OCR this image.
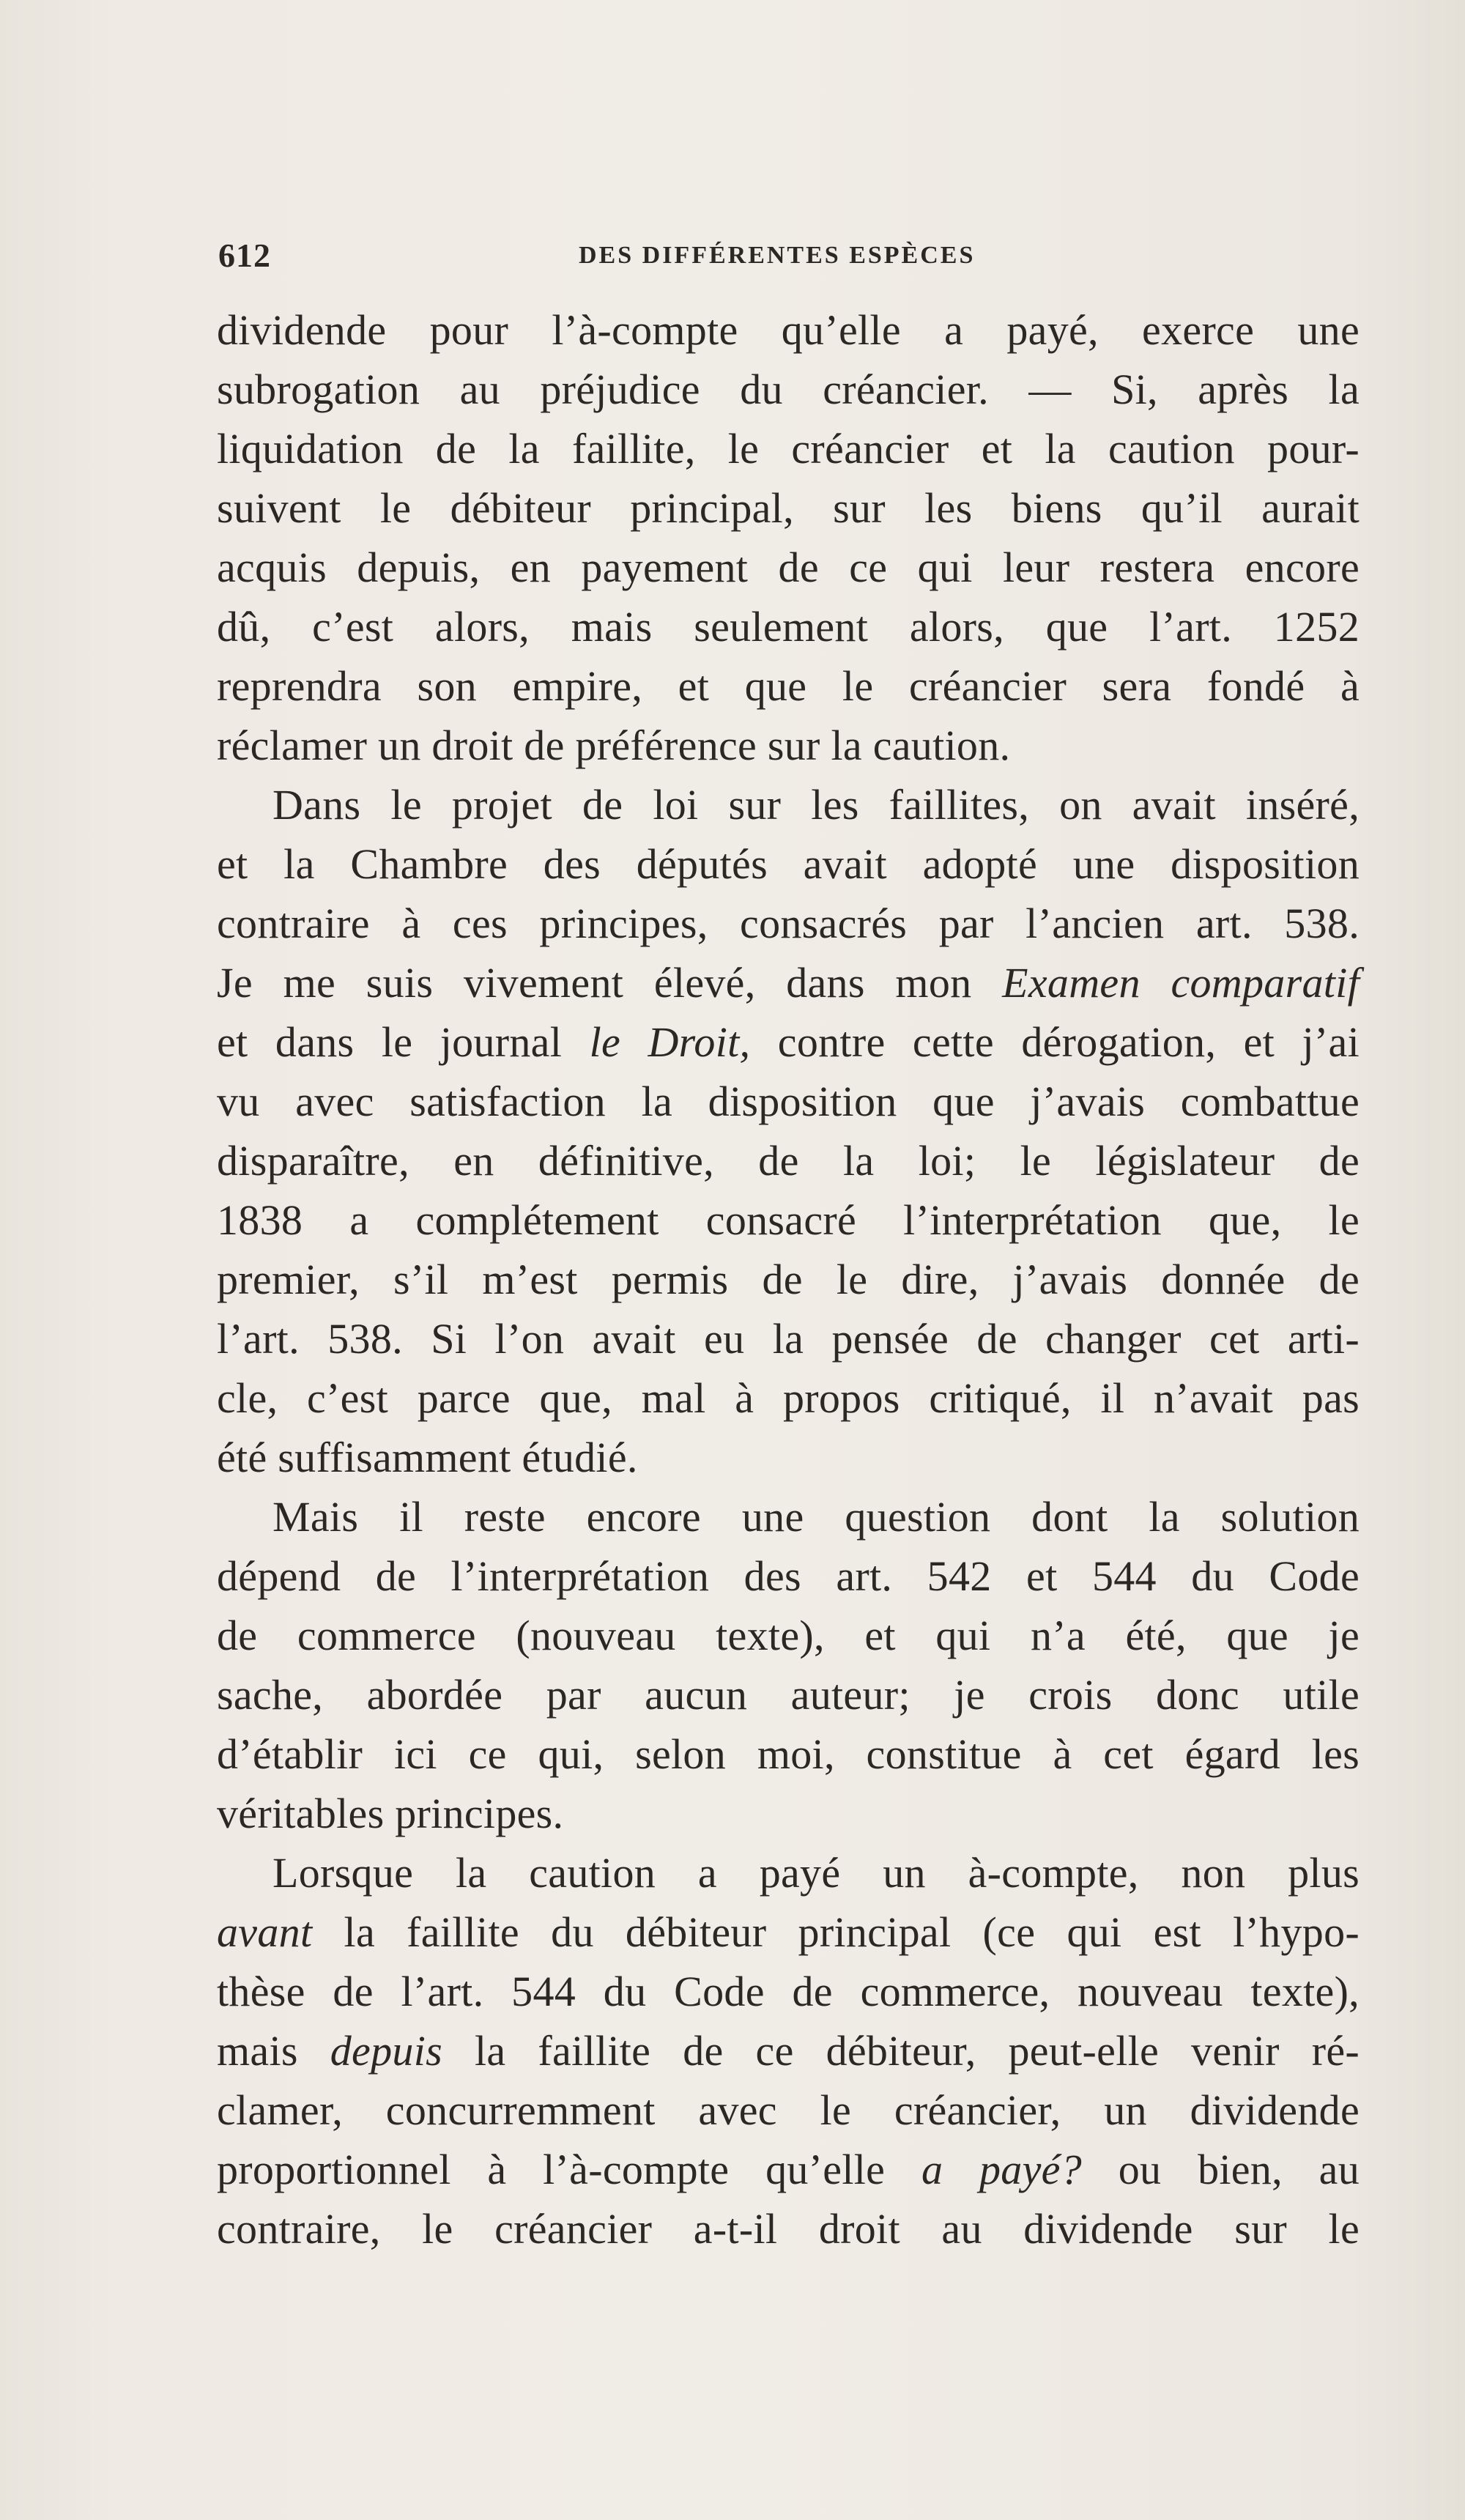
612	DES DIFFÉRENTES ESPÈCES
dividende pour l’à-compte qu’elle a payé, exerce une
subrogation au préjudice du créancier. — Si, après la
liquidation de la faillite, le créancier et la caution pour-
suivent le débiteur principal, sur les biens qu’il aurait
acquis depuis, en payement de ce qui leur restera encore
dû, c’est alors, mais seulement alors, que l’art. 1252
reprendra son empire, et que le créancier sera fondé à
réclamer un droit de préférence sur la caution.
Dans le projet de loi sur les faillites, on avait inséré,
et la Chambre des députés avait adopté une disposition
contraire à ces principes, consacrés par l’ancien art. 538.
Je me suis vivement élevé, dans mon Examen comparatif
et dans le journal le Droit, contre cette dérogation, et j’ai
vu avec satisfaction la disposition que j’avais combattue
disparaître, en définitive, de la loi; le législateur de
1838 a complétement consacré l’interprétation que, le
premier, s’il m’est permis de le dire, j’avais donnée de
l’art. 538. Si l’on avait eu la pensée de changer cet arti-
cle, c’est parce que, mal à propos critiqué, il n’avait pas
été suffisamment étudié.
Mais il reste encore une question dont la solution
dépend de l’interprétation des art. 542 et 544 du Code
de commerce (nouveau texte), et qui n’a été, que je
sache, abordée par aucun auteur; je crois donc utile
d’établir ici ce qui, selon moi, constitue à cet égard les
véritables principes.
Lorsque la caution a payé un à-compte, non plus
avant la faillite du débiteur principal (ce qui est l’hypo-
thèse de l’art. 544 du Code de commerce, nouveau texte),
mais depuis la faillite de ce débiteur, peut-elle venir ré-
clamer, concurremment avec le créancier, un dividende
proportionnel à l’à-compte qu’elle a payé? ou bien, au
contraire, le créancier a-t-il droit au dividende sur le
